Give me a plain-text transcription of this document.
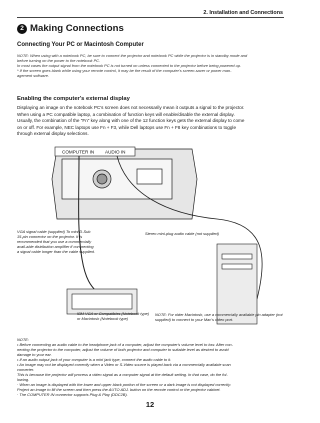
2. Installation and Connections
2 Making Connections
Connecting Your PC or Macintosh Computer

NOTE: When using with a notebook PC, be sure to connect the projector and notebook PC while the projector is in standby mode and

before turning on the power to the notebook PC.

In most cases the output signal from the notebook PC is not turned on unless connected to the projector before being powered up.

* If the screen goes blank while using your remote control, it may be the result of the computer's screen-saver or power man-

agement software.

Enabling the computer's external display

Displaying an image on the notebook PC's screen does not necessarily mean it outputs a signal to the projector.

When using a PC compatible laptop, a combination of function keys will enable/disable the external display.

Usually, the combination of the "Fn" key along with one of the 12 function keys gets the external display to come

on or off. For example, NEC laptops use Fn + F3, while Dell laptops use Fn + F8 key combinations to toggle

through external display selections.

COMPUTER IN AUDIO IN
VGA signal cable (supplied) To mini D-Sub 15-pin connector on the projector. It is recommended that you use a commercially avail-able distribution amplifier if con-necting a signal cable longer than the cable supplied.
Stereo mini-plug audio cable (not supplied)
IBM VGA or Compatibles (Notebook type) or Macintosh (Notebook type)
NOTE: For older Macintosh, use a commercially available pin adapter (not supplied) to connect to your Mac's video port.

NOTE:

• Before connecting an audio cable to the headphone jack of a computer, adjust the computer's volume level to low. After con-

necting the projector to the computer, adjust the volume of both projector and computer to suitable level as desired to avoid

damage to your ear.

• If an audio output jack of your computer is a mini jack type, connect the audio cable to it.

• An image may not be displayed correctly when a Video or S-Video source is played back via a commercially available scan

converter.

This is because the projector will process a video signal as a computer signal at the default setting. In that case, do the fol-

lowing.

· When an image is displayed with the lower and upper black portion of the screen or a dark image is not displayed correctly:

Project an image to fill the screen and then press the AUTO ADJ. button on the remote control or the projector cabinet.

· The COMPUTER IN connector supports Plug & Play (DDC2B).

12
